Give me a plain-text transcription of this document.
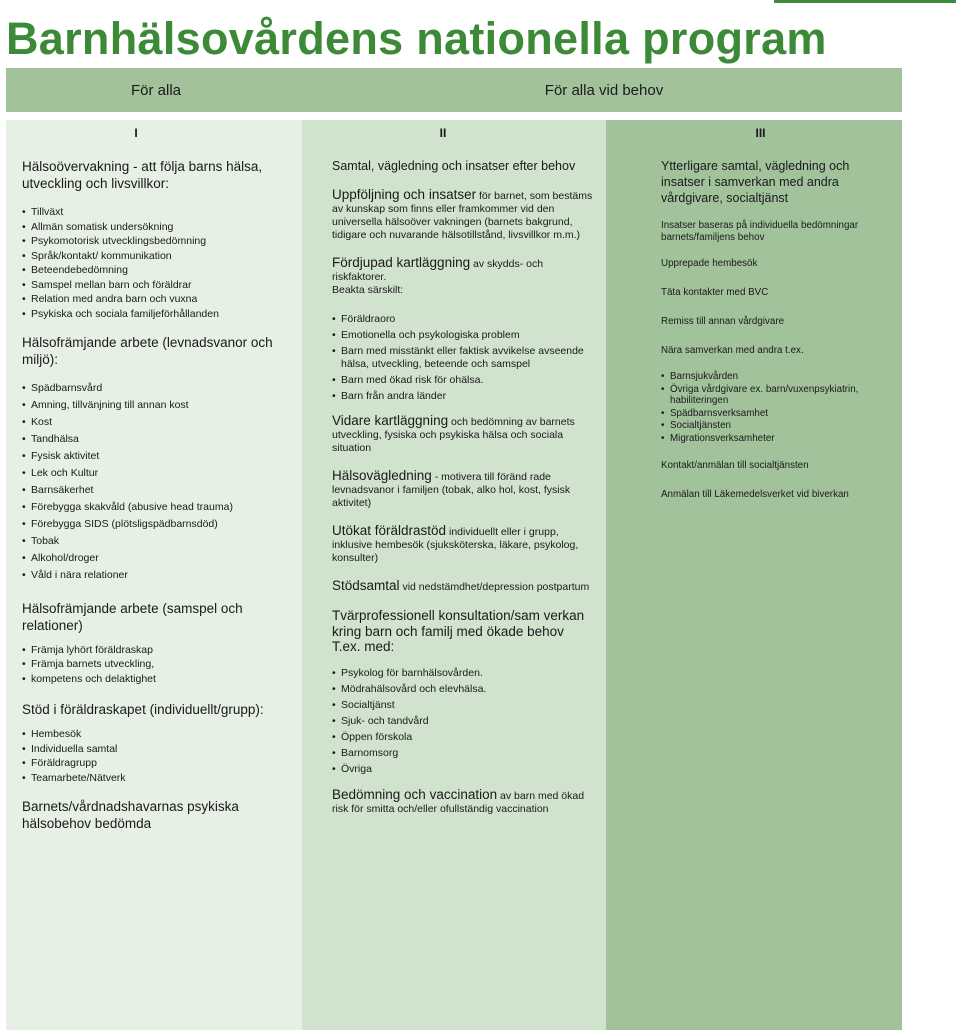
Barnhälsovårdens nationella program
För alla	För alla vid behov
I
Hälsoövervakning - att följa barns hälsa, utveckling och livsvillkor:
• Tillväxt
• Allmän somatisk undersökning
• Psykomotorisk utvecklingsbedömning
• Språk/kontakt/ kommunikation
• Beteendebedömning
• Samspel mellan barn och föräldrar
• Relation med andra barn och vuxna
• Psykiska och sociala familjeförhållanden
Hälsofrämjande arbete (levnadsvanor och miljö):
• Spädbarnsvård
• Amning, tillvänjning till annan kost
• Kost
• Tandhälsa
• Fysisk aktivitet
• Lek och Kultur
• Barnsäkerhet
• Förebygga skakvåld (abusive head trauma)
• Förebygga SIDS (plötsligspädbarnsdöd)
• Tobak
• Alkohol/droger
• Våld i nära relationer
Hälsofrämjande arbete (samspel och relationer)
• Främja lyhört föräldraskap
• Främja barnets utveckling,
• kompetens och delaktighet
Stöd i föräldraskapet (individuellt/grupp):
• Hembesök
• Individuella samtal
• Föräldragrupp
• Teamarbete/Nätverk
Barnets/vårdnadshavarnas psykiska hälsobehov bedömda
II
Samtal, vägledning och insatser efter behov
Uppföljning och insatser för barnet, som bestäms av kunskap som finns eller framkommer vid den universella hälsoöver vakningen (barnets bakgrund, tidigare och nuvarande hälsotillstånd, livsvillkor m.m.)
Fördjupad kartläggning av skydds- och riskfaktorer.
Beakta särskilt:
• Föräldraoro
• Emotionella och psykologiska problem
• Barn med misstänkt eller faktisk avvikelse avseende hälsa, utveckling, beteende och samspel
• Barn med ökad risk för ohälsa.
• Barn från andra länder
Vidare kartläggning och bedömning av barnets utveckling, fysiska och psykiska hälsa och sociala situation
Hälsovägledning - motivera till föränd rade levnadsvanor i familjen (tobak, alko hol, kost, fysisk aktivitet)
Utökat föräldrastöd individuellt eller i grupp, inklusive hembesök (sjuksköterska, läkare, psykolog, konsulter)
Stödsamtal vid nedstämdhet/depression postpartum
Tvärprofessionell konsultation/sam verkan kring barn och familj med ökade behov
T.ex. med:
• Psykolog för barnhälsovården.
• Mödrahälsovård och elevhälsa.
• Socialtjänst
• Sjuk- och tandvård
• Öppen förskola
• Barnomsorg
• Övriga
Bedömning och vaccination av barn med ökad risk för smitta och/eller ofullständig vaccination
III
Ytterligare samtal, vägledning och insatser i samverkan med andra vårdgivare, socialtjänst
Insatser baseras på individuella bedömningar barnets/familjens behov
Upprepade hembesök
Täta kontakter med BVC
Remiss till annan vårdgivare
Nära samverkan med andra t.ex.
• Barnsjukvården
• Övriga vårdgivare ex. barn/vuxenpsykiatrin, habiliteringen
• Spädbarnsverksamhet
• Socialtjänsten
• Migrationsverksamheter
Kontakt/anmälan till socialtjänsten
Anmälan till Läkemedelsverket vid biverkan
